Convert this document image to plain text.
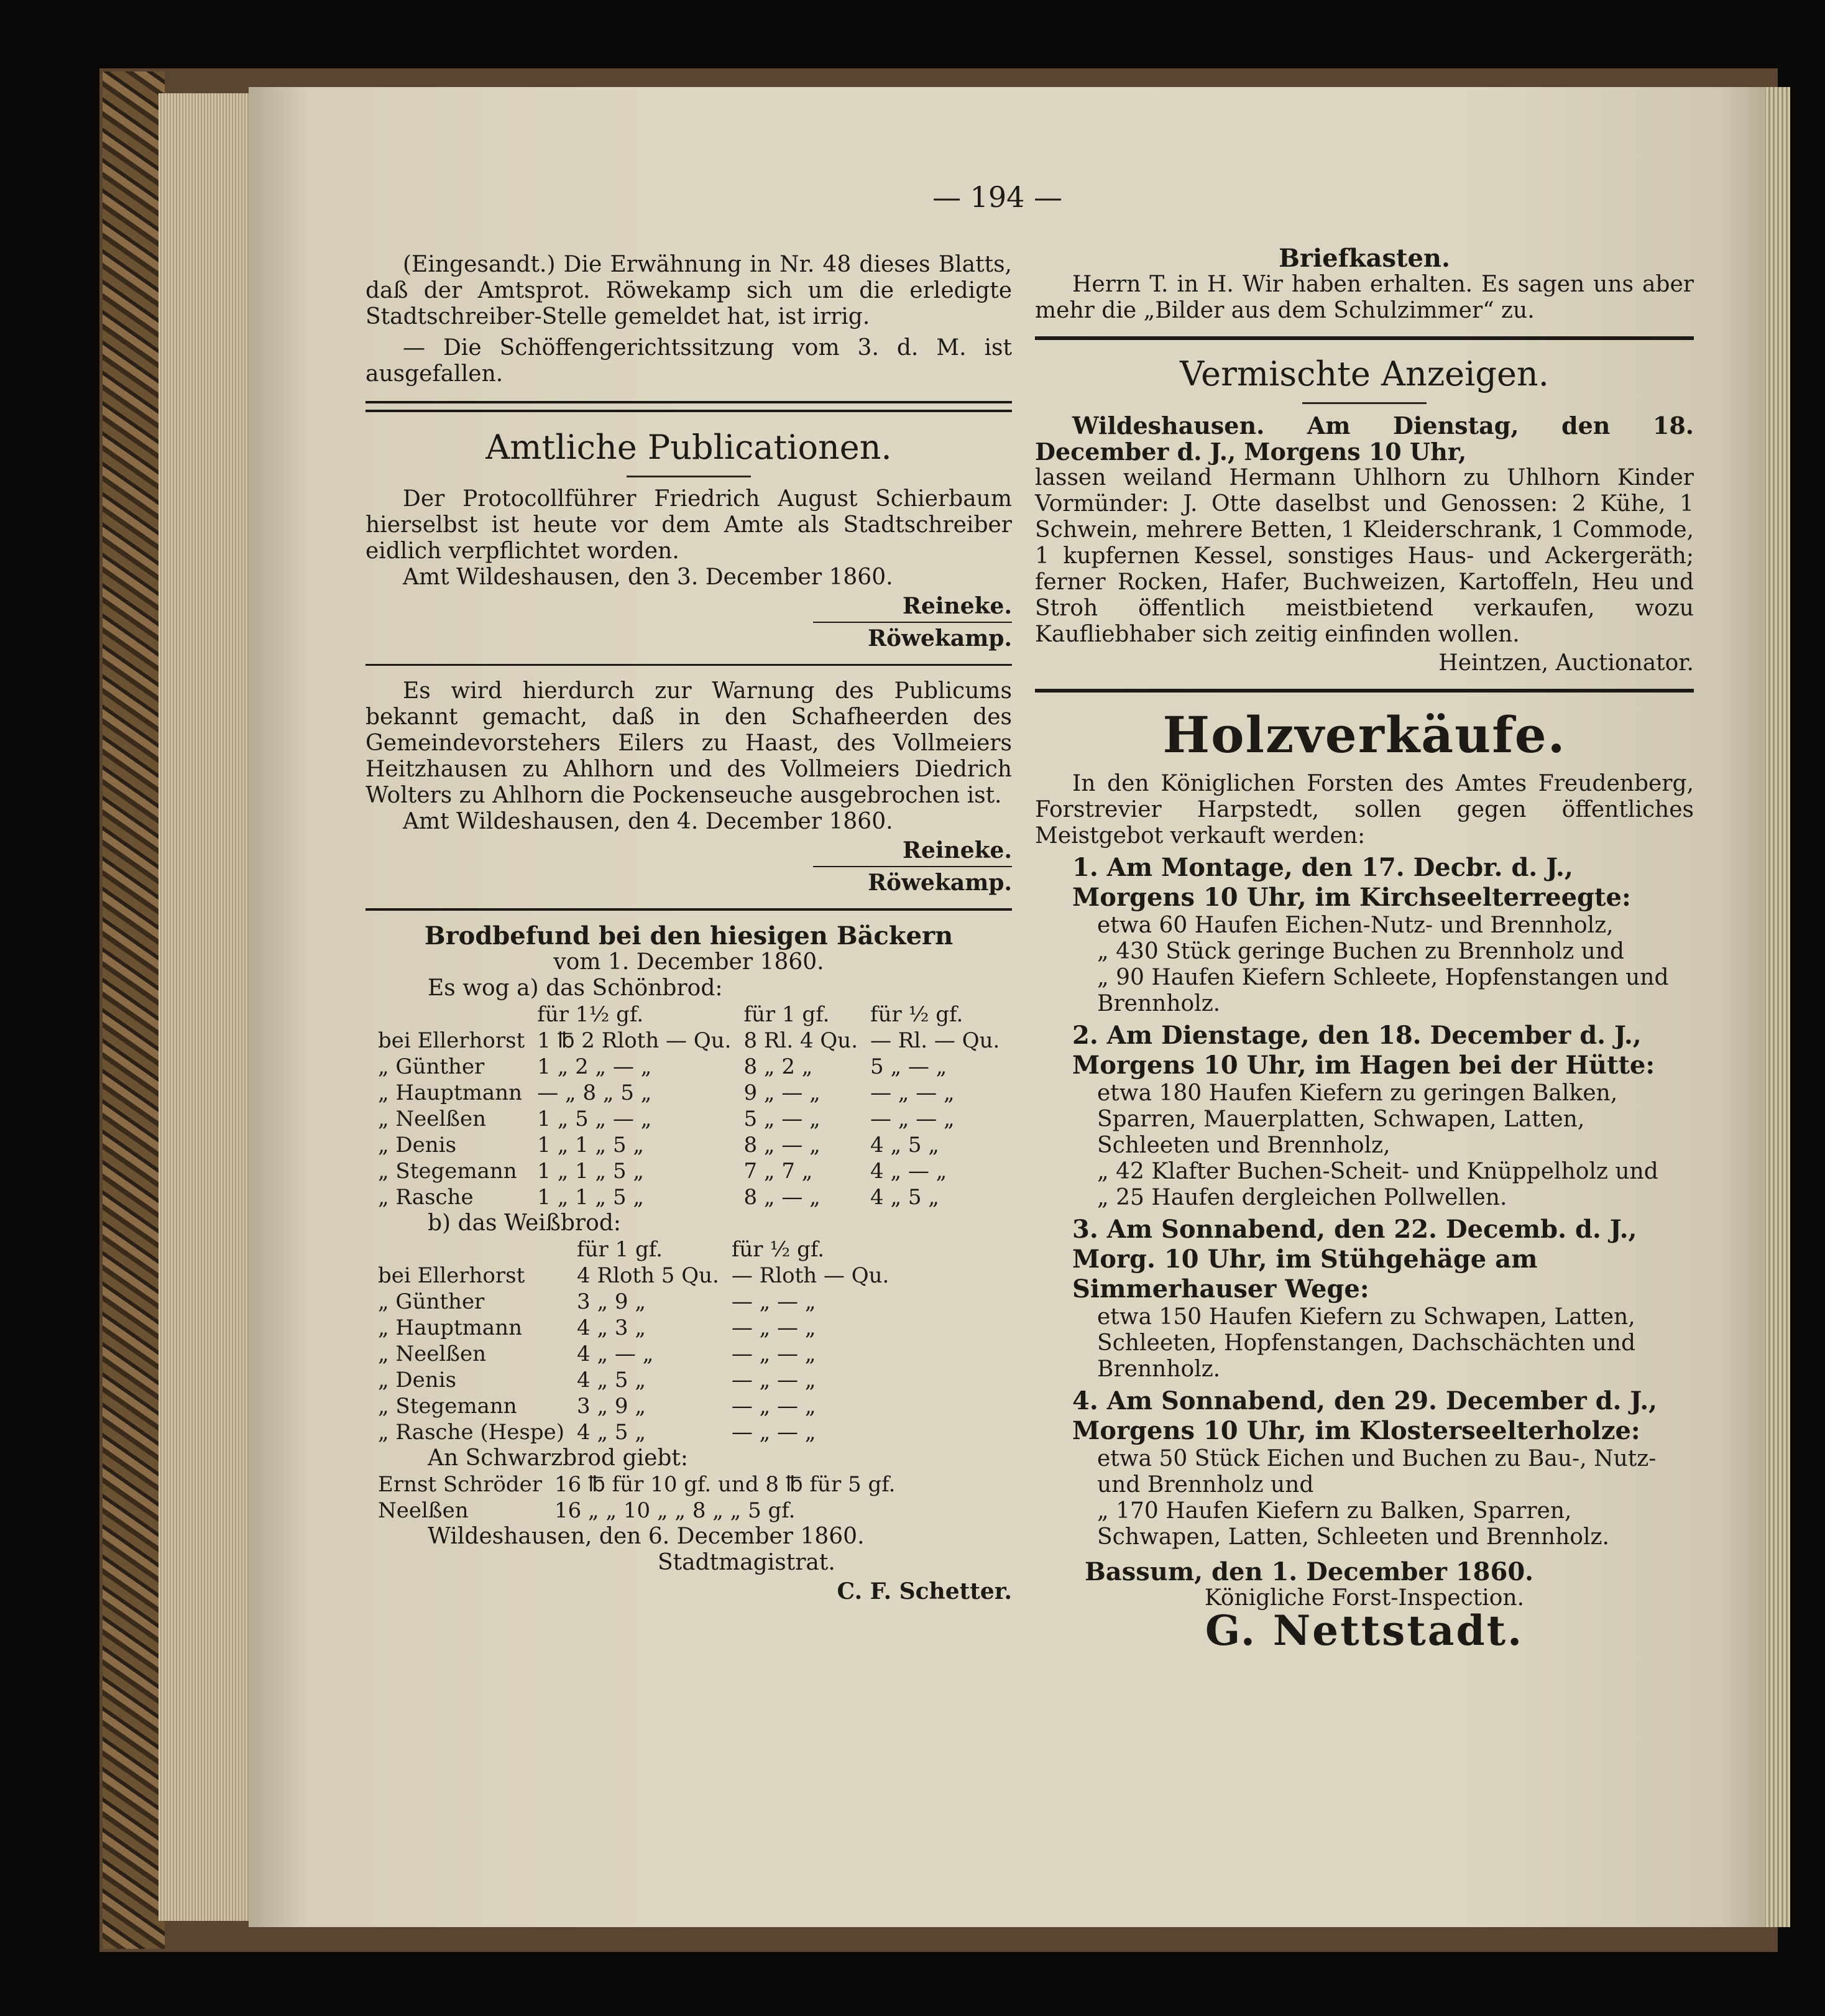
— 194 —

(Eingesandt.) Die Erwähnung in Nr. 48 dieses Blatts, daß der Amtsprot. Röwekamp sich um die erledigte Stadtschreiber-Stelle gemeldet hat, ist irrig.

— Die Schöffengerichtssitzung vom 3. d. M. ist ausgefallen.

Amtliche Publicationen.

Der Protocollführer Friedrich August Schierbaum hierselbst ist heute vor dem Amte als Stadtschreiber eidlich verpflichtet worden.

Amt Wildeshausen, den 3. December 1860.

Reineke.
Röwekamp.

Es wird hierdurch zur Warnung des Publicums bekannt gemacht, daß in den Schafheerden des Gemeindevorstehers Eilers zu Haast, des Vollmeiers Heitzhausen zu Ahlhorn und des Vollmeiers Diedrich Wolters zu Ahlhorn die Pockenseuche ausgebrochen ist.

Amt Wildeshausen, den 4. December 1860.

Reineke.
Röwekamp.
Brodbefund bei den hiesigen Bäckern
vom 1. December 1860.
Es wog a) das Schönbrod:
	für 1½ gf.	für 1 gf.	für ½ gf.
bei Ellerhorst	1 ℔ 2 Rloth — Qu.	8 Rl. 4 Qu.	— Rl. — Qu.
„ Günther	1 „ 2 „ — „	8 „ 2 „	5 „ — „
„ Hauptmann	— „ 8 „ 5 „	9 „ — „	— „ — „
„ Neelßen	1 „ 5 „ — „	5 „ — „	— „ — „
„ Denis	1 „ 1 „ 5 „	8 „ — „	4 „ 5 „
„ Stegemann	1 „ 1 „ 5 „	7 „ 7 „	4 „ — „
„ Rasche	1 „ 1 „ 5 „	8 „ — „	4 „ 5 „
b) das Weißbrod:
	für 1 gf.	für ½ gf.
bei Ellerhorst	4 Rloth 5 Qu.	— Rloth — Qu.
„ Günther	3 „ 9 „	— „ — „
„ Hauptmann	4 „ 3 „	— „ — „
„ Neelßen	4 „ — „	— „ — „
„ Denis	4 „ 5 „	— „ — „
„ Stegemann	3 „ 9 „	— „ — „
„ Rasche (Hespe)	4 „ 5 „	— „ — „
An Schwarzbrod giebt:
Ernst Schröder	16 ℔ für 10 gf. und 8 ℔ für 5 gf.
Neelßen	16 „ „ 10 „ „ 8 „ „ 5 gf.
Wildeshausen, den 6. December 1860.
Stadtmagistrat.
C. F. Schetter.
Briefkasten.

Herrn T. in H. Wir haben erhalten. Es sagen uns aber mehr die „Bilder aus dem Schulzimmer“ zu.

Vermischte Anzeigen.

Wildeshausen. Am Dienstag, den 18. December d. J., Morgens 10 Uhr,

lassen weiland Hermann Uhlhorn zu Uhlhorn Kinder Vormünder: J. Otte daselbst und Genossen: 2 Kühe, 1 Schwein, mehrere Betten, 1 Kleiderschrank, 1 Commode, 1 kupfernen Kessel, sonstiges Haus- und Ackergeräth; ferner Rocken, Hafer, Buchweizen, Kartoffeln, Heu und Stroh öffentlich meistbietend verkaufen, wozu Kaufliebhaber sich zeitig einfinden wollen.

Heintzen, Auctionator.
Holzverkäufe.

In den Königlichen Forsten des Amtes Freudenberg, Forstrevier Harpstedt, sollen gegen öffentliches Meistgebot verkauft werden:

1. Am Montage, den 17. Decbr. d. J., Morgens 10 Uhr, im Kirchseelterreegte:
etwa 60 Haufen Eichen-Nutz- und Brennholz,
„ 430 Stück geringe Buchen zu Brennholz und
„ 90 Haufen Kiefern Schleete, Hopfenstangen und Brennholz.
2. Am Dienstage, den 18. December d. J., Morgens 10 Uhr, im Hagen bei der Hütte:
etwa 180 Haufen Kiefern zu geringen Balken, Sparren, Mauerplatten, Schwapen, Latten, Schleeten und Brennholz,
„ 42 Klafter Buchen-Scheit- und Knüppelholz und
„ 25 Haufen dergleichen Pollwellen.
3. Am Sonnabend, den 22. Decemb. d. J., Morg. 10 Uhr, im Stühgehäge am Simmerhauser Wege:
etwa 150 Haufen Kiefern zu Schwapen, Latten, Schleeten, Hopfenstangen, Dachschächten und Brennholz.
4. Am Sonnabend, den 29. December d. J., Morgens 10 Uhr, im Klosterseelterholze:
etwa 50 Stück Eichen und Buchen zu Bau-, Nutz- und Brennholz und
„ 170 Haufen Kiefern zu Balken, Sparren, Schwapen, Latten, Schleeten und Brennholz.
Bassum, den 1. December 1860.
Königliche Forst-Inspection.
G. Nettstadt.
